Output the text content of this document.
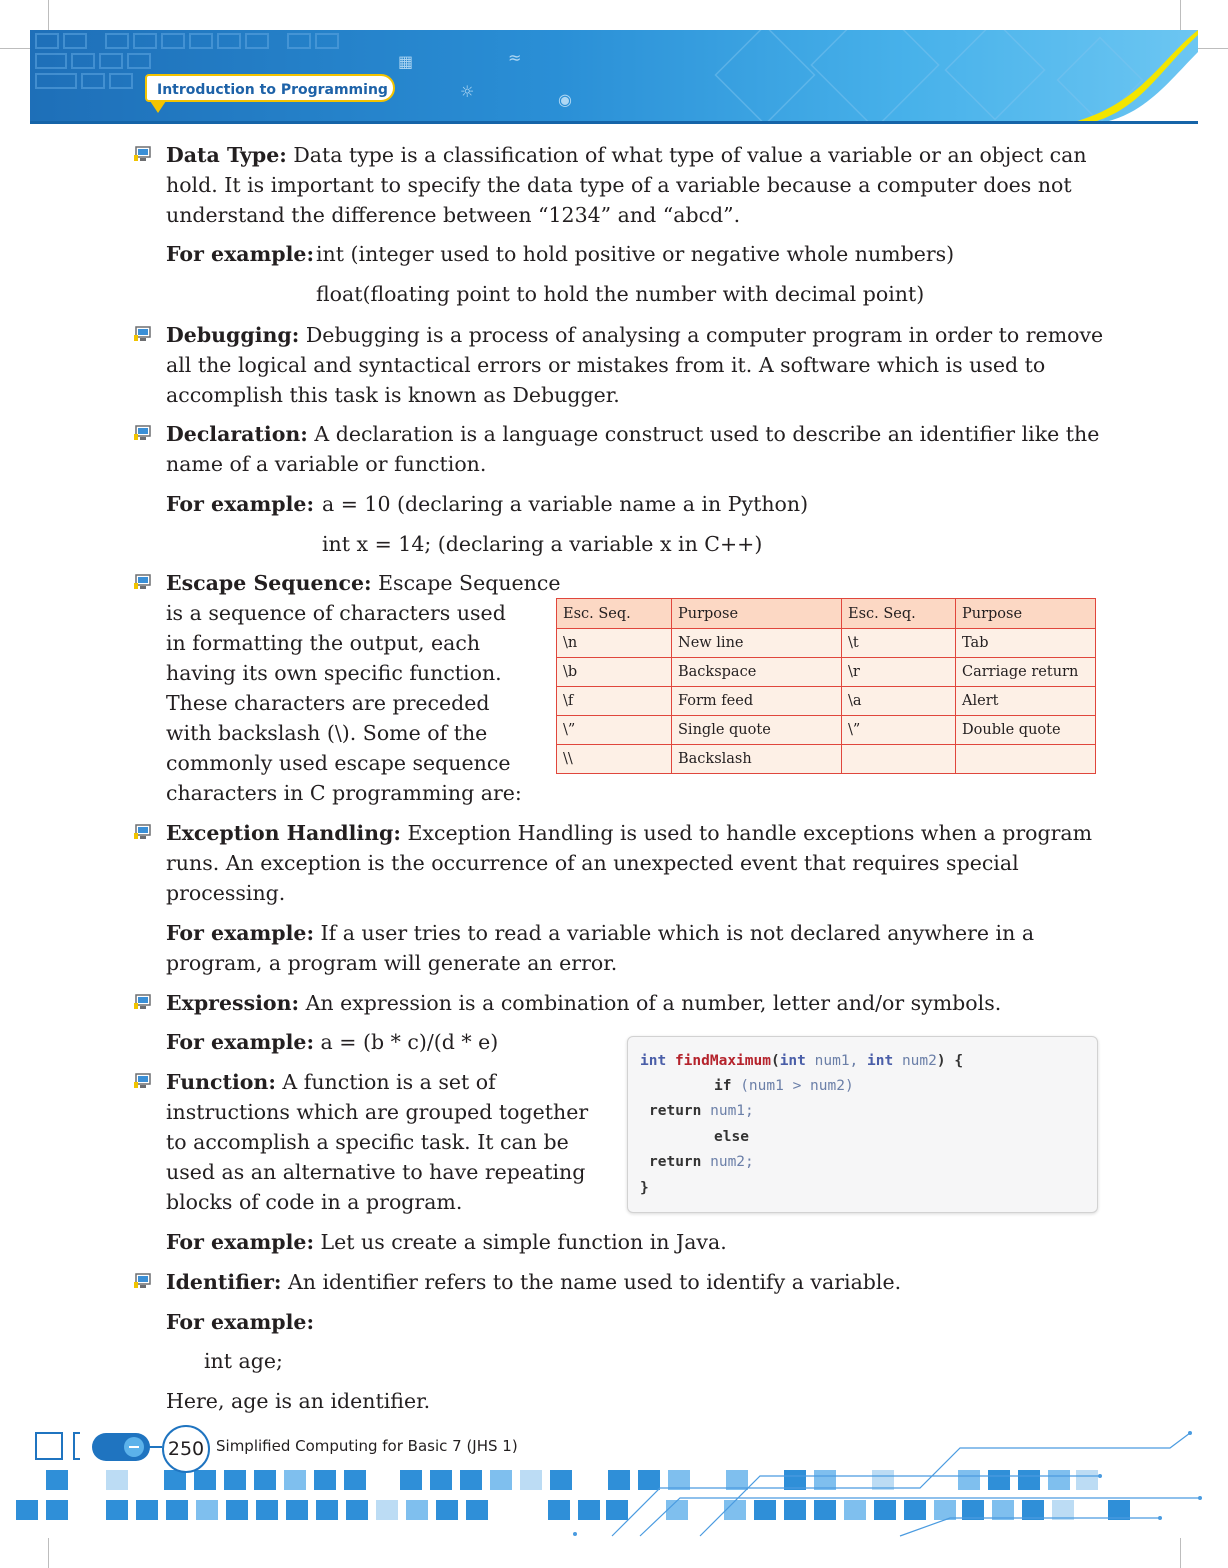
▦	≈
☼	◉
Introduction to Programming
Data Type: Data type is a classification of what type of value a variable or an object can
hold. It is important to specify the data type of a variable because a computer does not
understand the difference between “1234” and “abcd”.
For example: int (integer used to hold positive or negative whole numbers)
float(floating point to hold the number with decimal point)
Debugging: Debugging is a process of analysing a computer program in order to remove
all the logical and syntactical errors or mistakes from it. A software which is used to
accomplish this task is known as Debugger.
Declaration: A declaration is a language construct used to describe an identifier like the
name of a variable or function.
For example: a = 10 (declaring a variable name a in Python)
int x = 14; (declaring a variable x in C++)
Escape Sequence: Escape Sequence
is a sequence of characters used
in formatting the output, each
having its own specific function.
These characters are preceded
with backslash (\). Some of the
commonly used escape sequence
characters in C programming are:
Esc. Seq.	Purpose	Esc. Seq.	Purpose
\n	New line	\t	Tab
\b	Backspace	\r	Carriage return
\f	Form feed	\a	Alert
\”	Single quote	\”	Double quote
\\	Backslash		
Exception Handling: Exception Handling is used to handle exceptions when a program
runs. An exception is the occurrence of an unexpected event that requires special
processing.
For example: If a user tries to read a variable which is not declared anywhere in a
program, a program will generate an error.
Expression: An expression is a combination of a number, letter and/or symbols.
For example: a = (b * c)/(d * e)
Function: A function is a set of
instructions which are grouped together
to accomplish a specific task. It can be
used as an alternative to have repeating
blocks of code in a program.
For example: Let us create a simple function in Java.
int findMaximum(int num1, int num2) {
if (num1 > num2)
return num1;
else
return num2;
}
Identifier: An identifier refers to the name used to identify a variable.
For example:
int age;
Here, age is an identifier.
250 Simplified Computing for Basic 7 (JHS 1)
